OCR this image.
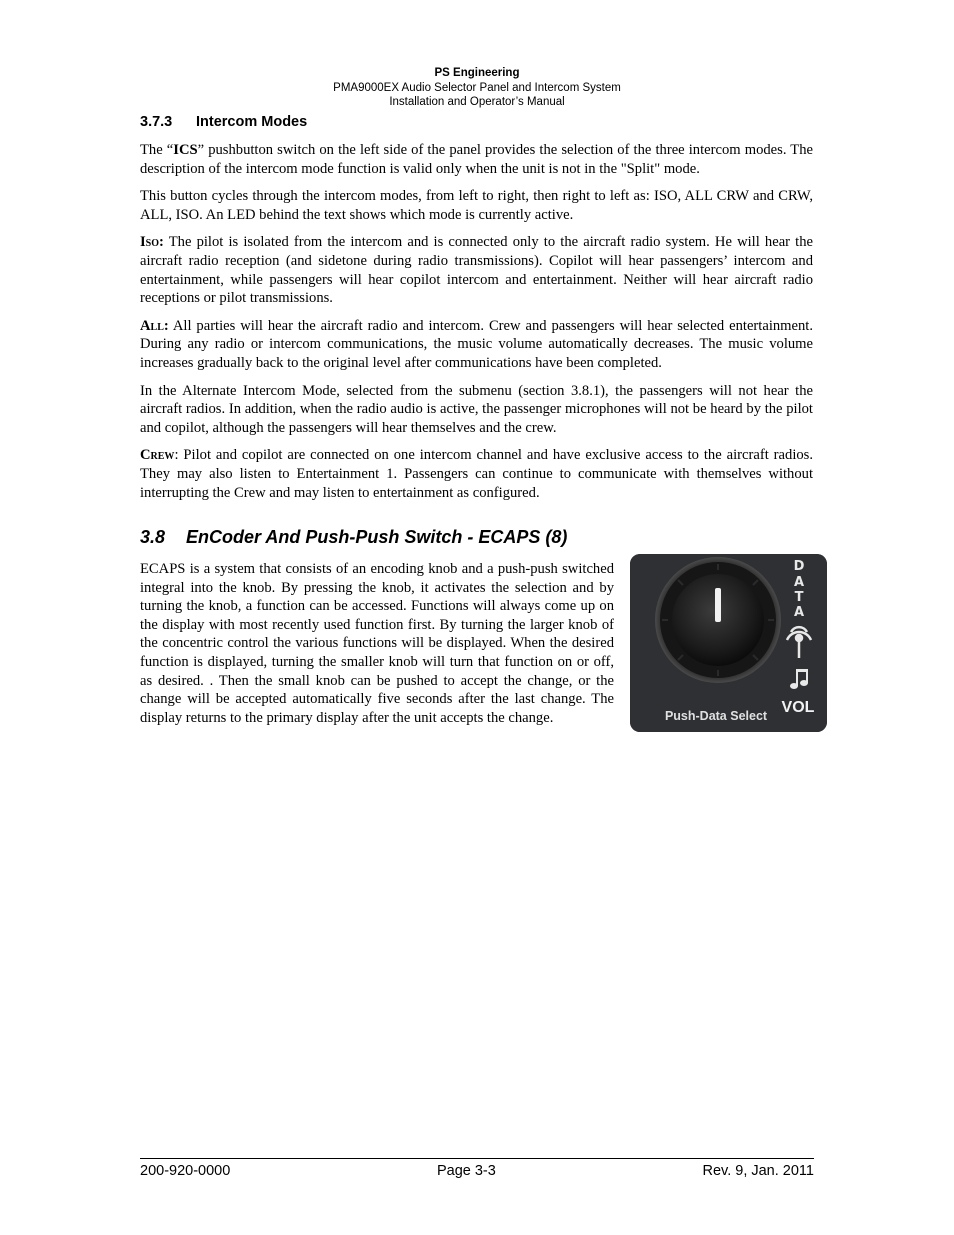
PS Engineering
PMA9000EX Audio Selector Panel and Intercom System
Installation and Operator’s Manual
3.7.3 Intercom Modes

The “ICS” pushbutton switch on the left side of the panel provides the selection of the three intercom modes. The description of the intercom mode function is valid only when the unit is not in the "Split" mode.

This button cycles through the intercom modes, from left to right, then right to left as: ISO, ALL CRW and CRW, ALL, ISO. An LED behind the text shows which mode is currently active.

Iso: The pilot is isolated from the intercom and is connected only to the aircraft radio system. He will hear the aircraft radio reception (and sidetone during radio transmissions). Copilot will hear passengers’ intercom and entertainment, while passengers will hear copilot intercom and entertainment. Neither will hear aircraft radio receptions or pilot transmissions.

All: All parties will hear the aircraft radio and intercom. Crew and passengers will hear selected entertainment. During any radio or intercom communications, the music volume automatically decreases. The music volume increases gradually back to the original level after communications have been completed.

In the Alternate Intercom Mode, selected from the submenu (section 3.8.1), the passengers will not hear the aircraft radios. In addition, when the radio audio is active, the passenger microphones will not be heard by the pilot and copilot, although the passengers will hear themselves and the crew.

Crew: Pilot and copilot are connected on one intercom channel and have exclusive access to the aircraft radios. They may also listen to Entertainment 1. Passengers can continue to communicate with themselves without interrupting the Crew and may listen to entertainment as configured.

3.8 EnCoder And Push-Push Switch - ECAPS (8)

ECAPS is a system that consists of an encoding knob and a push-push switched integral into the knob. By pressing the knob, it activates the selection and by turning the knob, a function can be accessed. Functions will always come up on the display with most recently used function first. By turning the larger knob of the concentric control the various functions will be displayed. When the desired function is displayed, turning the smaller knob will turn that function on or off, as desired. . Then the small knob can be pushed to accept the change, or the change will be accepted automatically five seconds after the last change. The display returns to the primary display after the unit accepts the change.

D
A
T
A
VOL
Push-Data Select
200-920-0000	Page 3-3	Rev. 9, Jan. 2011
